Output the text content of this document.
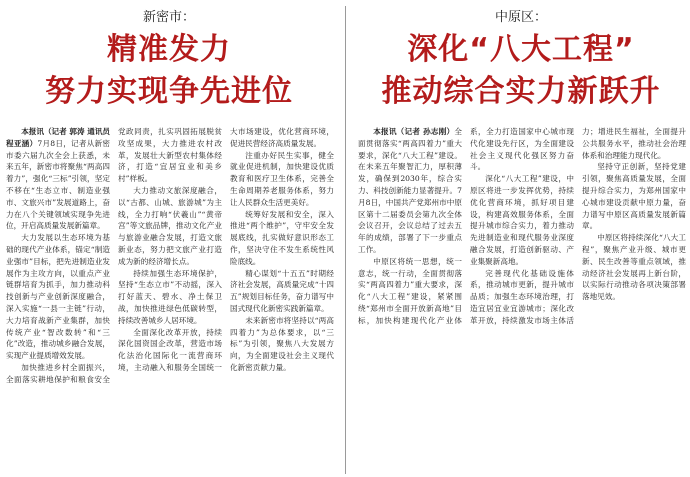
新密市：
精准发力
努力实现争先进位

本报讯（记者 郭涛 通讯员 程亚涵）7月8日，记者从新密市委六届九次全会上获悉，未来五年，新密市将聚焦“两高四着力”，强化“三标”引领，坚定不移在“生态立市、制造业强市、文旅兴市”发展道路上，奋力在八个关键领域实现争先进位，开启高质量发展新篇章。

大力发展以生态环境为基础的现代产业体系，锚定“制造业强市”目标，把先进制造业发展作为主攻方向，以重点产业链群培育为抓手，加力推动科技创新与产业创新深度融合，深入实施“一县一主链”行动，大力培育战新产业集群，加快传统产业“智改数转”和“三化”改造，推动城乡融合发展，实现产业提质增效发展。

加快推进乡村全面振兴，全面落实耕地保护和粮食安全党政同责，扎实巩固拓展脱贫攻坚成果，大力推进农村改革，发展壮大新型农村集体经济，打造“宜居宜业和美乡村”样板。

大力推动文旅深度融合，以“古都、山城、旅游城”为主线，全力打响“伏羲山”“黄帝宫”等文旅品牌，推动文化产业与旅游业融合发展，打造文旅新业态，努力把文旅产业打造成为新的经济增长点。

持续加强生态环境保护，坚持“生态立市”不动摇，深入打好蓝天、碧水、净土保卫战，加快推进绿色低碳转型，持续改善城乡人居环境。

全面深化改革开放，持续深化国资国企改革，营造市场化法治化国际化一流营商环境，主动融入和服务全国统一大市场建设，优化营商环境，促进民营经济高质量发展。

注重办好民生实事，健全就业促进机制，加快建设优质教育和医疗卫生体系，完善全生命周期养老服务体系，努力让人民群众生活更美好。

统筹好发展和安全，深入推进“两个维护”，守牢安全发展底线，扎实做好意识形态工作，坚决守住不发生系统性风险底线。

精心谋划“十五五”时期经济社会发展，高质量完成“十四五”规划目标任务，奋力谱写中国式现代化新密实践新篇章。

未来新密市将坚持以“两高四着力”为总体要求，以“三标”为引领，聚焦八大发展方向，为全面建设社会主义现代化新密贡献力量。

中原区：
深化“八大工程”
推动综合实力新跃升

本报讯（记者 孙志刚）全面贯彻落实“两高四着力”重大要求，深化“八大工程”建设。在未来五年聚智汇力，厚积薄发，确保到2030年，综合实力、科技创新能力显著提升。7月8日，中国共产党郑州市中原区第十二届委员会第九次全体会议召开，会议总结了过去五年的成绩，部署了下一步重点工作。

中原区将统一思想，统一意志，统一行动，全面贯彻落实“两高四着力”重大要求，深化“八大工程”建设，紧紧围绕“郑州市全面开放新高地”目标，加快构建现代化产业体系，全力打造国家中心城市现代化建设先行区，为全面建设社会主义现代化强区努力奋斗。

深化“八大工程”建设，中原区将进一步发挥优势，持续优化营商环境，抓好项目建设，构建高效服务体系，全面提升城市综合实力，着力推动先进制造业和现代服务业深度融合发展，打造创新驱动、产业集聚新高地。

完善现代化基础设施体系，推动城市更新，提升城市品质；加强生态环境治理，打造宜居宜业宜游城市；深化改革开放，持续激发市场主体活力；增进民生福祉，全面提升公共服务水平，推动社会治理体系和治理能力现代化。

坚持守正创新，坚持党建引领，聚焦高质量发展，全面提升综合实力，为郑州国家中心城市建设贡献中原力量，奋力谱写中原区高质量发展新篇章。

中原区将持续深化“八大工程”，聚焦产业升级、城市更新、民生改善等重点领域，推动经济社会发展再上新台阶，以实际行动推动各项决策部署落地见效。
